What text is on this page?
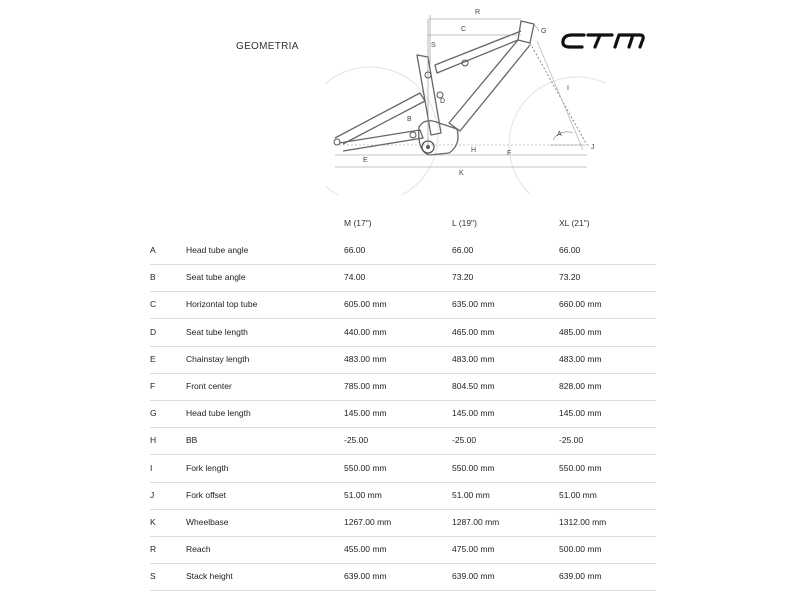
GEOMETRIA
R
C
S
G
D
I
A
B
E
H	F
J
K
M (17")	L (19")	XL (21")
A	Head tube angle	66.00	66.00	66.00
B	Seat tube angle	74.00	73.20	73.20
C	Horizontal top tube	605.00 mm	635.00 mm	660.00 mm
D	Seat tube length	440.00 mm	465.00 mm	485.00 mm
E	Chainstay length	483.00 mm	483.00 mm	483.00 mm
F	Front center	785.00 mm	804.50 mm	828.00 mm
G	Head tube length	145.00 mm	145.00 mm	145.00 mm
H	BB	-25.00	-25.00	-25.00
I	Fork length	550.00 mm	550.00 mm	550.00 mm
J	Fork offset	51.00 mm	51.00 mm	51.00 mm
K	Wheelbase	1267.00 mm	1287.00 mm	1312.00 mm
R	Reach	455.00 mm	475.00 mm	500.00 mm
S	Stack height	639.00 mm	639.00 mm	639.00 mm
